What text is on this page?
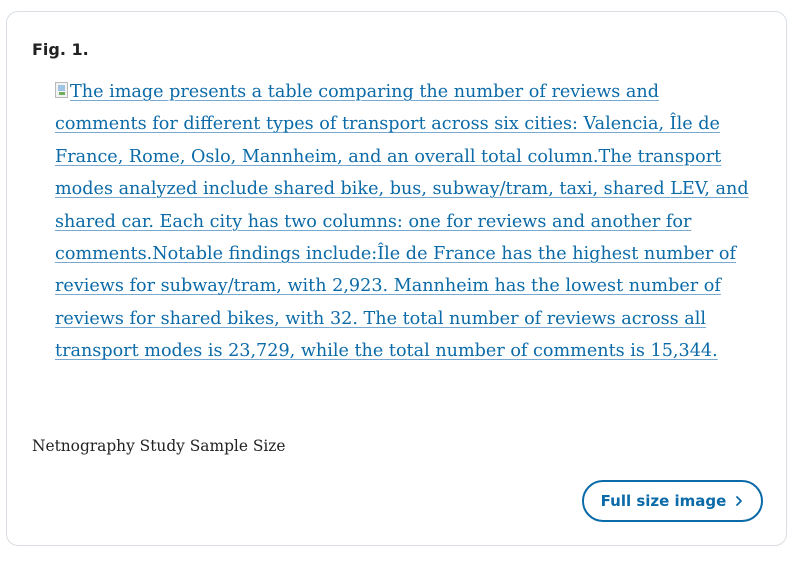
Fig. 1.
The image presents a table comparing the number of reviews and comments for different types of transport across six cities: Valencia, Île de France, Rome, Oslo, Mannheim, and an overall total column.The transport modes analyzed include shared bike, bus, subway/tram, taxi, shared LEV, and shared car. Each city has two columns: one for reviews and another for comments.Notable findings include:Île de France has the highest number of reviews for subway/tram, with 2,923. Mannheim has the lowest number of reviews for shared bikes, with 32. The total number of reviews across all transport modes is 23,729, while the total number of comments is 15,344.
Netnography Study Sample Size
Full size image
